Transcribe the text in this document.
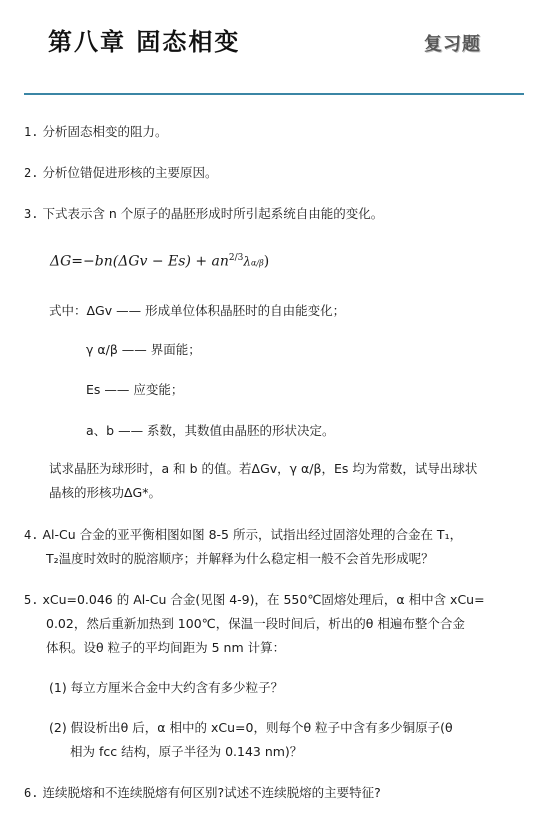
第八章 固态相变	复习题
1. 分析固态相变的阻力。
2. 分析位错促进形核的主要原因。
3. 下式表示含 n 个原子的晶胚形成时所引起系统自由能的变化。
$\Delta G=-bn(\Delta Gv - Es) + an^{2/3}\lambda\alpha/\beta$)
式中：ΔGv —— 形成单位体积晶胚时的自由能变化；
γ α/β —— 界面能；
Es —— 应变能；
a、b —— 系数，其数值由晶胚的形状决定。
试求晶胚为球形时，a 和 b 的值。若ΔGv，γ α/β，Es 均为常数，试导出球状
晶核的形核功ΔG*。
4. Al-Cu 合金的亚平衡相图如图 8-5 所示，试指出经过固溶处理的合金在 T₁，
T₂温度时效时的脱溶顺序；并解释为什么稳定相一般不会首先形成呢？
5. xCu=0.046 的 Al-Cu 合金(见图 4-9)，在 550℃固熔处理后，α 相中含 xCu=
0.02，然后重新加热到 100℃，保温一段时间后，析出的θ 相遍布整个合金
体积。设θ 粒子的平均间距为 5 nm 计算：
(1) 每立方厘米合金中大约含有多少粒子？
(2) 假设析出θ 后，α 相中的 xCu=0，则每个θ 粒子中含有多少铜原子(θ
相为 fcc 结构，原子半径为 0.143 nm)？
6. 连续脱熔和不连续脱熔有何区别?试述不连续脱熔的主要特征?
